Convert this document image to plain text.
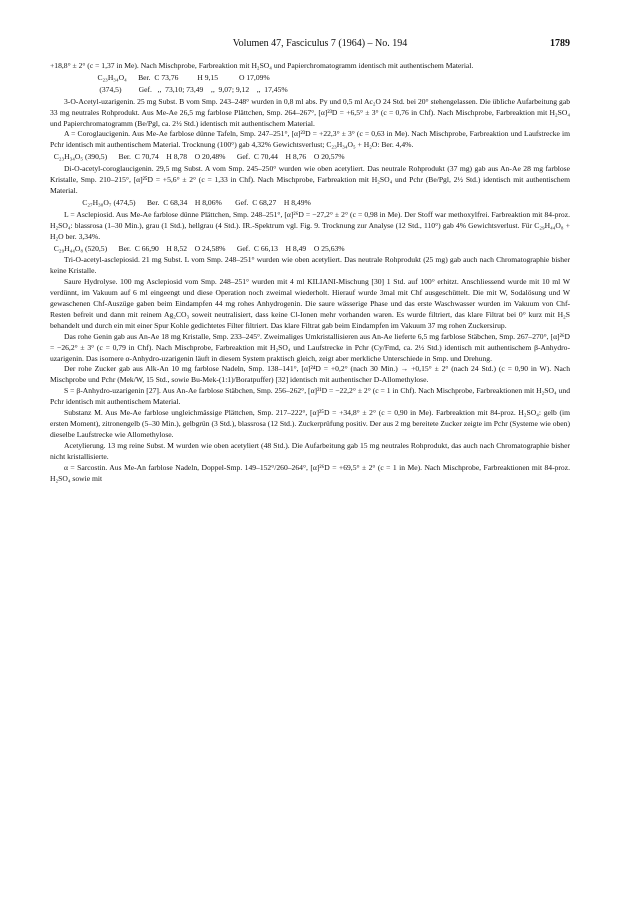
Volumen 47, Fasciculus 7 (1964) – No. 194	1789

+18,8° ± 2° (c = 1,37 in Me). Nach Mischprobe, Farbreaktion mit H₂SO₄ und Papierchromatogramm identisch mit authentischem Material.

C₂₃H₃₄O₄      Ber.  C 73,76          H 9,15           O 17,09%

(374,5)         Gef.   ,,  73,10; 73,49    ,,  9,07; 9,12    ,,  17,45%

3-O-Acetyl-uzarigenin. 25 mg Subst. B vom Smp. 243–248° wurden in 0,8 ml abs. Py und 0,5 ml Ac₂O 24 Std. bei 20° stehengelassen. Die übliche Aufarbeitung gab 33 mg neutrales Rohprodukt. Aus Me-Ae 26,5 mg farblose Plättchen, Smp. 264–267°, [α]²³D = +6,5° ± 3° (c = 0,76 in Chf). Nach Mischprobe, Farbreaktion mit H₂SO₄ und Papierchromatogramm (Be/Pgl, ca. 2½ Std.) identisch mit authentischem Material.

A = Coroglaucigenin. Aus Me-Ae farblose dünne Tafeln, Smp. 247–251°, [α]²³D = +22,3° ± 3° (c = 0,63 in Me). Nach Mischprobe, Farbreaktion und Laufstrecke im Pchr identisch mit authentischem Material. Trocknung (100°) gab 4,32% Gewichtsverlust; C₂₃H₃₄O₅ + H₂O: Ber. 4,4%.

C₂₃H₃₄O₅ (390,5)      Ber.  C 70,74    H 8,78    O 20,48%      Gef.  C 70,44    H 8,76    O 20,57%

Di-O-acetyl-coroglaucigenin. 29,5 mg Subst. A vom Smp. 245–250° wurden wie oben acetyliert. Das neutrale Rohprodukt (37 mg) gab aus An-Ae 28 mg farblose Kristalle, Smp. 210–215°, [α]²⁵D = +5,6° ± 2° (c = 1,33 in Chf). Nach Mischprobe, Farbreaktion mit H₂SO₄ und Pchr (Be/Pgl, 2½ Std.) identisch mit authentischem Material.

C₂₇H₃₈O₇ (474,5)      Ber.  C 68,34    H 8,06%       Gef.  C 68,27    H 8,49%

L = Asclepiosid. Aus Me-Ae farblose dünne Plättchen, Smp. 248–251°, [α]²⁶D = −27,2° ± 2° (c = 0,98 in Me). Der Stoff war methoxylfrei. Farbreaktion mit 84-proz. H₂SO₄: blassrosa (1–30 Min.), grau (1 Std.), hellgrau (4 Std.). IR.-Spektrum vgl. Fig. 9. Trocknung zur Analyse (12 Std., 110°) gab 4% Gewichtsverlust. Für C₂₉H₄₄O₈ + H₂O ber. 3,34%.

C₂₉H₄₄O₈ (520,5)      Ber.  C 66,90    H 8,52    O 24,58%      Gef.  C 66,13    H 8,49    O 25,63%

Tri-O-acetyl-asclepiosid. 21 mg Subst. L vom Smp. 248–251° wurden wie oben acetyliert. Das neutrale Rohprodukt (25 mg) gab auch nach Chromatographie bisher keine Kristalle.

Saure Hydrolyse. 100 mg Asclepiosid vom Smp. 248–251° wurden mit 4 ml KILIANI-Mischung [30] 1 Std. auf 100° erhitzt. Anschliessend wurde mit 10 ml W verdünnt, im Vakuum auf 6 ml eingeengt und diese Operation noch zweimal wiederholt. Hierauf wurde 3mal mit Chf ausgeschüttelt. Die mit W, Sodalösung und W gewaschenen Chf-Auszüge gaben beim Eindampfen 44 mg rohes Anhydrogenin. Die saure wässerige Phase und das erste Waschwasser wurden im Vakuum von Chf-Resten befreit und dann mit reinem Ag₂CO₃ soweit neutralisiert, dass keine Cl-Ionen mehr vorhanden waren. Es wurde filtriert, das klare Filtrat bei 0° kurz mit H₂S behandelt und durch ein mit einer Spur Kohle gedichtetes Filter filtriert. Das klare Filtrat gab beim Eindampfen im Vakuum 37 mg rohen Zuckersirup.

Das rohe Genin gab aus An-Ae 18 mg Kristalle, Smp. 233–245°. Zweimaliges Umkristallisieren aus An-Ae lieferte 6,5 mg farblose Stäbchen, Smp. 267–270°, [α]²⁶D = −26,2° ± 3° (c = 0,79 in Chf). Nach Mischprobe, Farbreaktion mit H₂SO₄ und Laufstrecke in Pchr (Cy/Fmd, ca. 2½ Std.) identisch mit authentischem β-Anhydro-uzarigenin. Das isomere α-Anhydro-uzarigenin läuft in diesem System praktisch gleich, zeigt aber merkliche Unterschiede in Smp. und Drehung.

Der rohe Zucker gab aus Alk-An 10 mg farblose Nadeln, Smp. 138–141°, [α]²⁴D = +0,2° (nach 30 Min.) → +0,15° ± 2° (nach 24 Std.) (c = 0,90 in W). Nach Mischprobe und Pchr (Mek/W, 15 Std., sowie Bu-Mek-(1:1)/Boratpuffer) [32] identisch mit authentischer D-Allomethylose.

S = β-Anhydro-uzarigenin [27]. Aus An-Ae farblose Stäbchen, Smp. 256–262°, [α]²¹D = −22,2° ± 2° (c = 1 in Chf). Nach Mischprobe, Farbreaktionen mit H₂SO₄ und Pchr identisch mit authentischem Material.

Substanz M. Aus Me-Ae farblose ungleichmässige Plättchen, Smp. 217–222°, [α]²⁵D = +34,8° ± 2° (c = 0,90 in Me). Farbreaktion mit 84-proz. H₂SO₄: gelb (im ersten Moment), zitronengelb (5–30 Min.), gelbgrün (3 Std.), blassrosa (12 Std.). Zuckerprüfung positiv. Der aus 2 mg bereitete Zucker zeigte im Pchr (Systeme wie oben) dieselbe Laufstrecke wie Allomethylose.

Acetylierung. 13 mg reine Subst. M wurden wie oben acetyliert (48 Std.). Die Aufarbeitung gab 15 mg neutrales Rohprodukt, das auch nach Chromatographie bisher nicht kristallisierte.

α = Sarcostin. Aus Me-An farblose Nadeln, Doppel-Smp. 149–152°/260–264°, [α]²⁶D = +69,5° ± 2° (c = 1 in Me). Nach Mischprobe, Farbreaktionen mit 84-proz. H₂SO₄ sowie mit
